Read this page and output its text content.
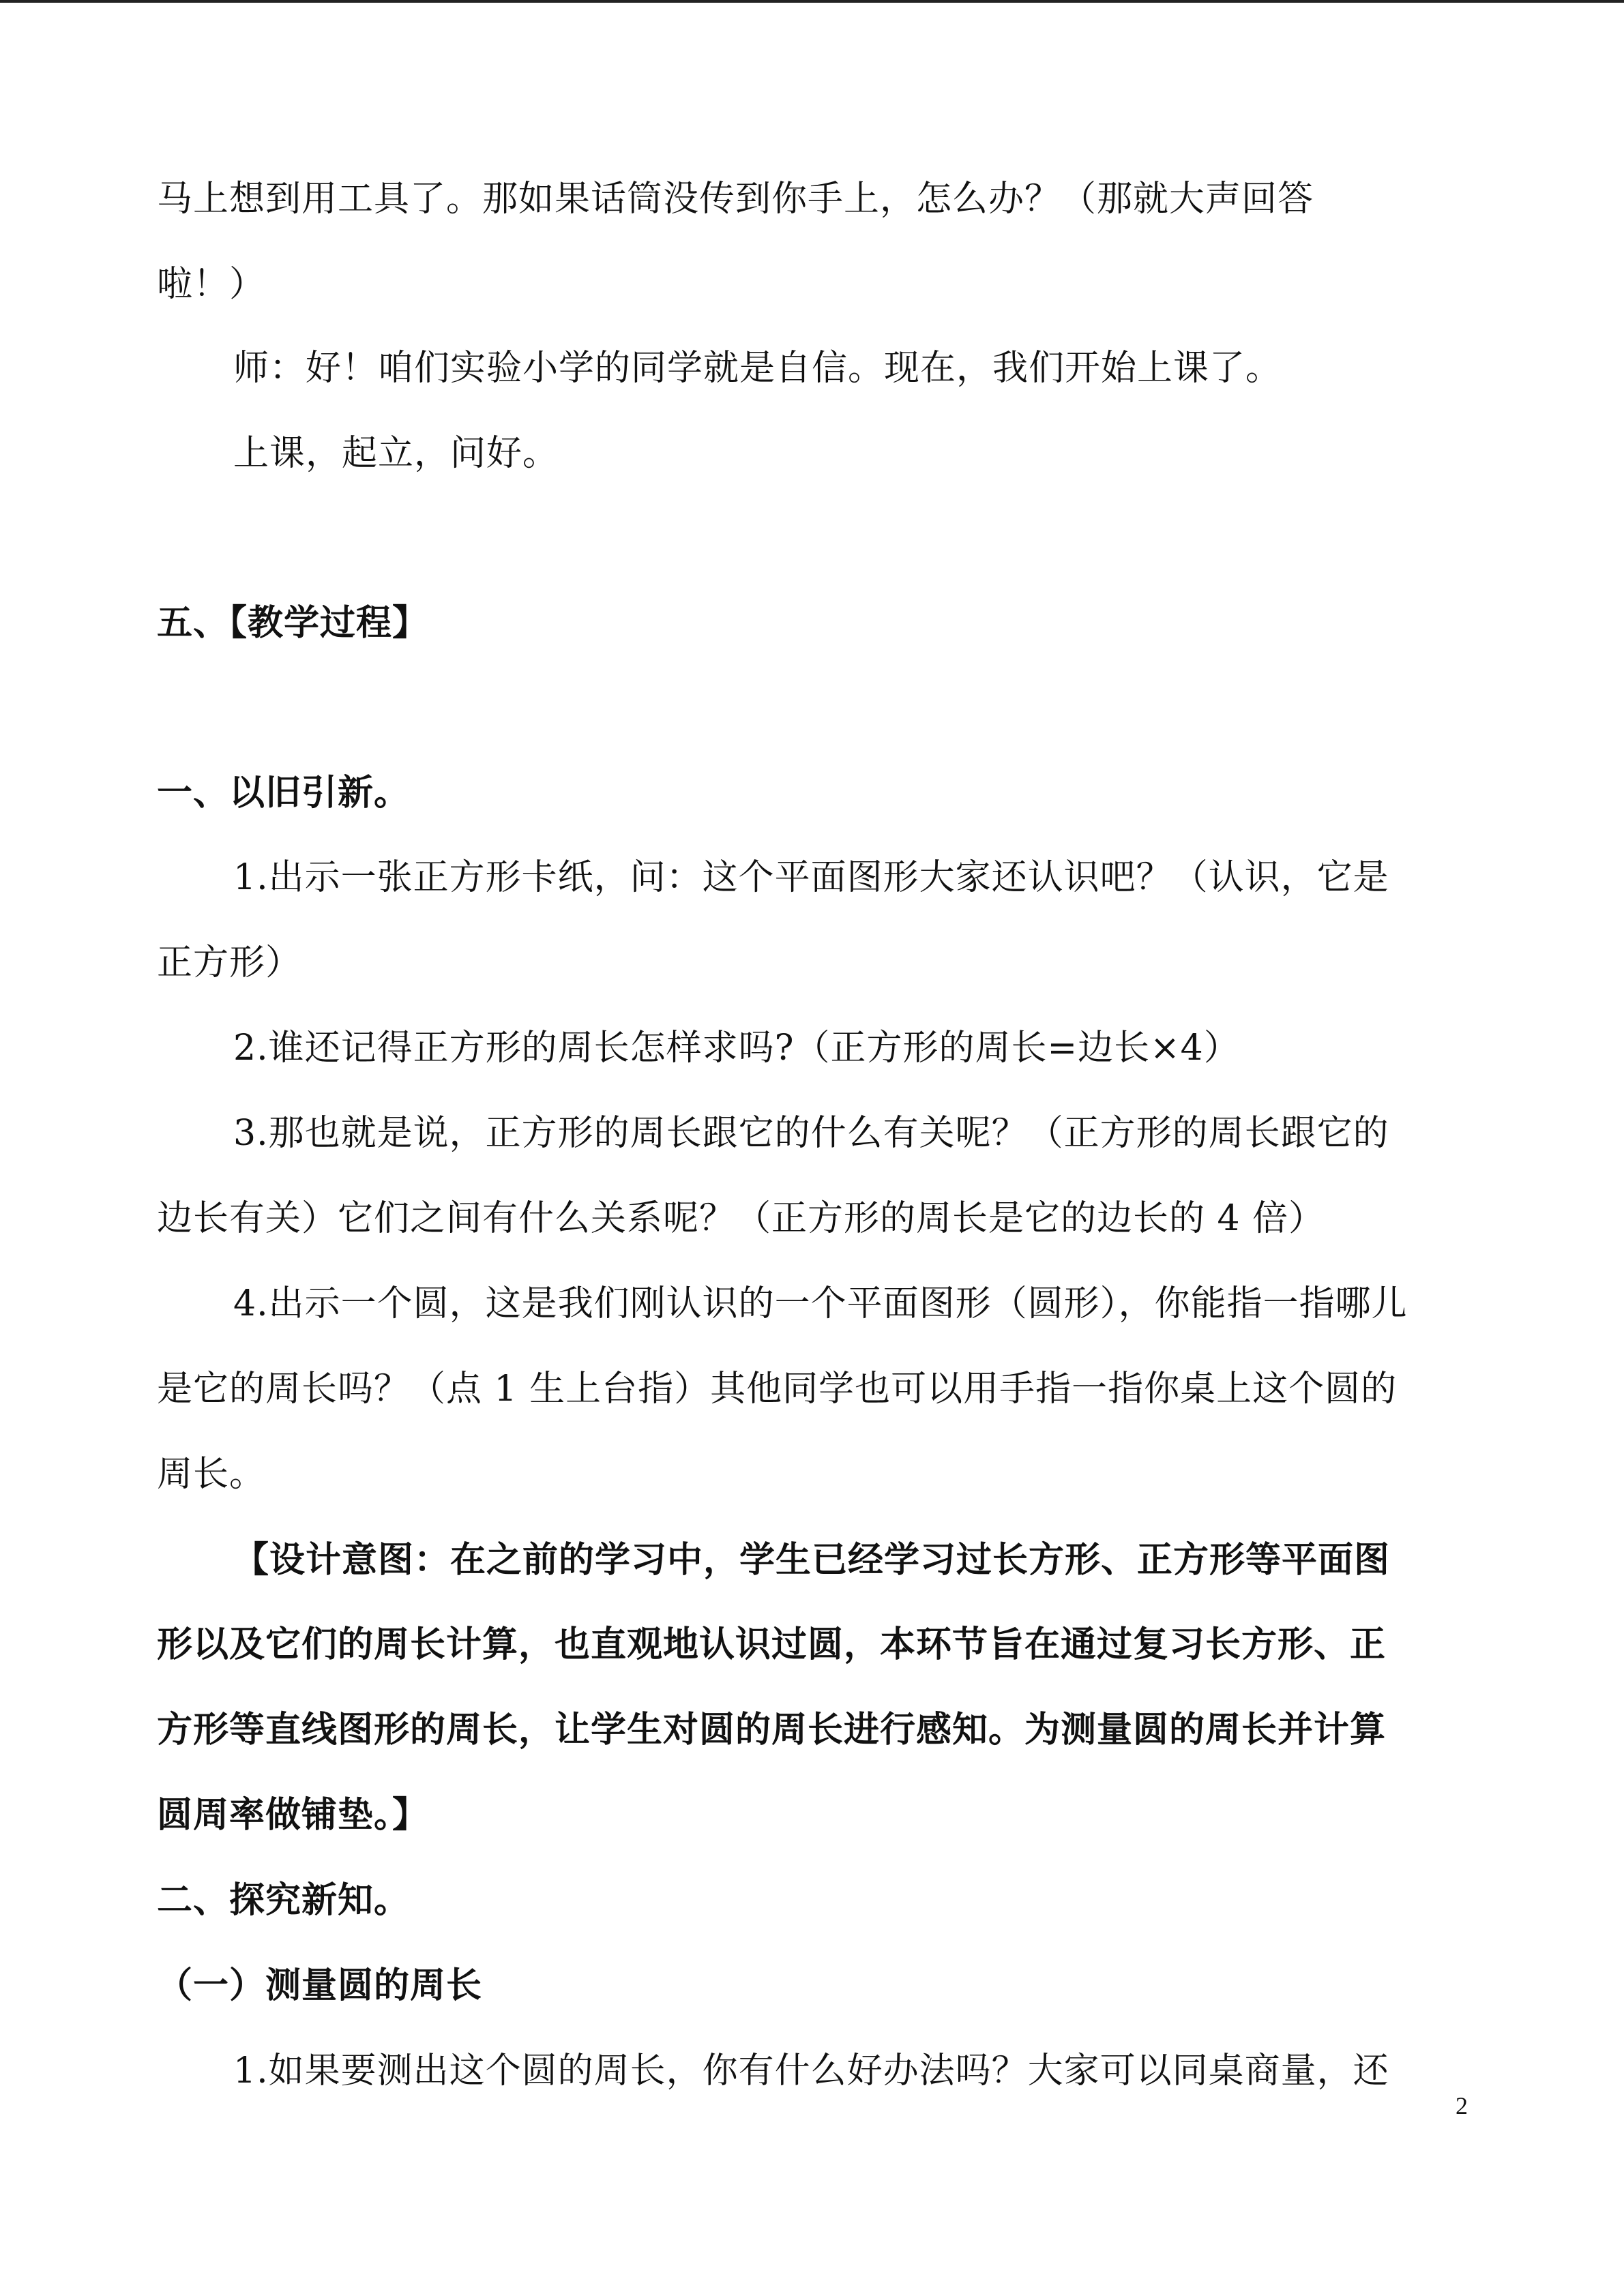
马上想到用工具了。那如果话筒没传到你手上，怎么办？（那就大声回答

啦！）

师：好！咱们实验小学的同学就是自信。现在，我们开始上课了。

上课，起立，问好。

五、【教学过程】

一、以旧引新。

1.出示一张正方形卡纸，问：这个平面图形大家还认识吧？（认识，它是

正方形）

2.谁还记得正方形的周长怎样求吗?（正方形的周长=边长×4）

3.那也就是说，正方形的周长跟它的什么有关呢？（正方形的周长跟它的

边长有关）它们之间有什么关系呢？（正方形的周长是它的边长的 4 倍）

4.出示一个圆，这是我们刚认识的一个平面图形（圆形），你能指一指哪儿

是它的周长吗？（点 1 生上台指）其他同学也可以用手指一指你桌上这个圆的

周长。

【设计意图：在之前的学习中，学生已经学习过长方形、正方形等平面图

形以及它们的周长计算，也直观地认识过圆，本环节旨在通过复习长方形、正

方形等直线图形的周长，让学生对圆的周长进行感知。为测量圆的周长并计算

圆周率做铺垫。】

二、探究新知。

（一）测量圆的周长

1.如果要测出这个圆的周长，你有什么好办法吗？大家可以同桌商量，还

2
